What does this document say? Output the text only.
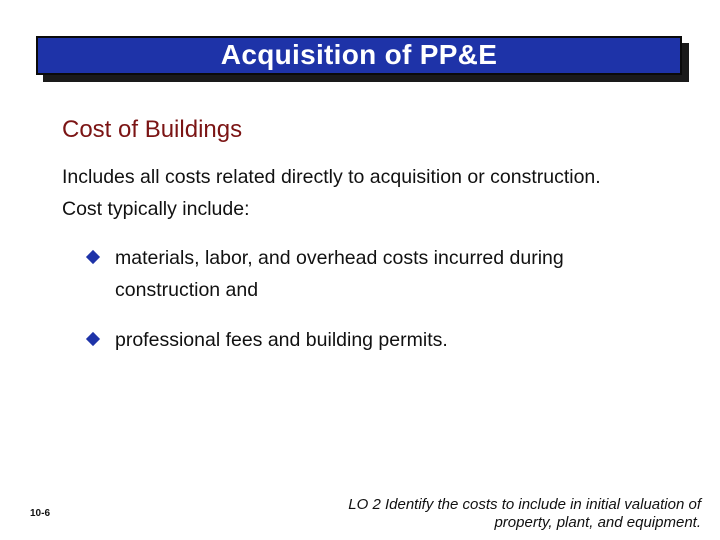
Acquisition of PP&E
Cost of Buildings
Includes all costs related directly to acquisition or construction. Cost typically include:
materials, labor, and overhead costs incurred during construction and
professional fees and building permits.
10-6
LO 2 Identify the costs to include in initial valuation of
property, plant, and equipment.
